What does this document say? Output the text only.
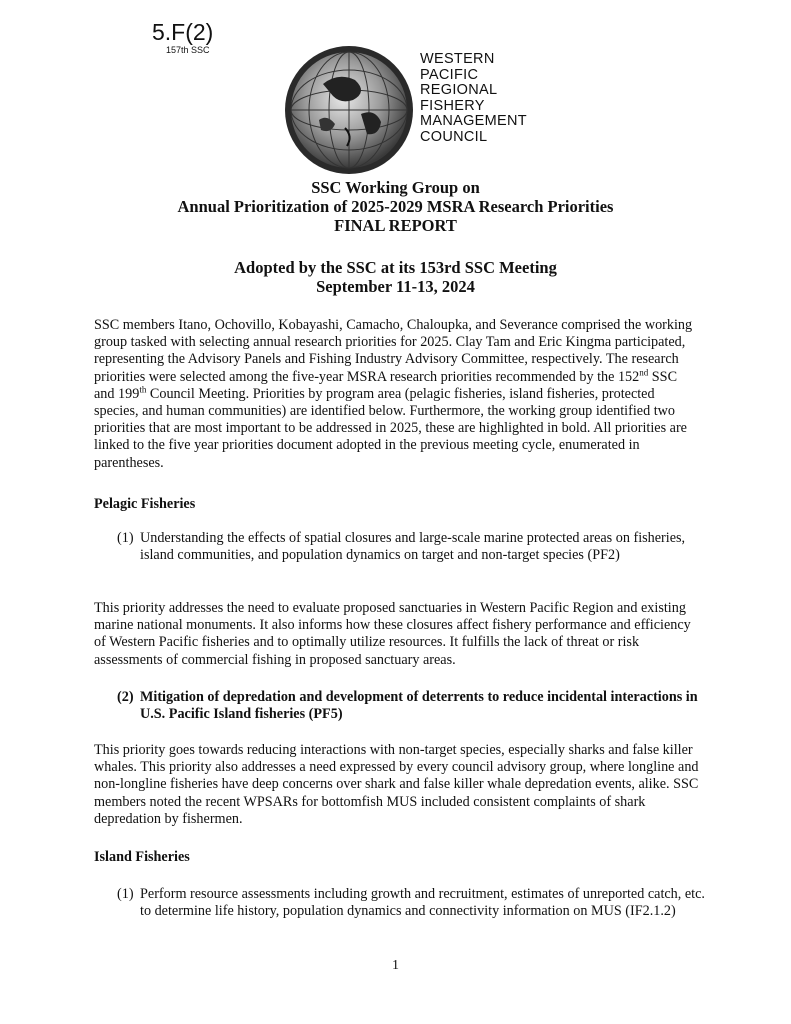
5.F(2)
157th SSC
WESTERN
PACIFIC
REGIONAL
FISHERY
MANAGEMENT
COUNCIL
SSC Working Group on
Annual Prioritization of 2025-2029 MSRA Research Priorities
FINAL REPORT
Adopted by the SSC at its 153rd SSC Meeting
September 11-13, 2024

SSC members Itano, Ochovillo, Kobayashi, Camacho, Chaloupka, and Severance comprised the working group tasked with selecting annual research priorities for 2025. Clay Tam and Eric Kingma participated, representing the Advisory Panels and Fishing Industry Advisory Committee, respectively. The research priorities were selected among the five-year MSRA research priorities recommended by the 152nd SSC and 199th Council Meeting. Priorities by program area (pelagic fisheries, island fisheries, protected species, and human communities) are identified below. Furthermore, the working group identified two priorities that are most important to be addressed in 2025, these are highlighted in bold. All priorities are linked to the five year priorities document adopted in the previous meeting cycle, enumerated in parentheses.

Pelagic Fisheries

(1) Understanding the effects of spatial closures and large-scale marine protected areas on fisheries, island communities, and population dynamics on target and non-target species (PF2)

This priority addresses the need to evaluate proposed sanctuaries in Western Pacific Region and existing marine national monuments. It also informs how these closures affect fishery performance and efficiency of Western Pacific fisheries and to optimally utilize resources. It fulfills the lack of threat or risk assessments of commercial fishing in proposed sanctuary areas.

(2) Mitigation of depredation and development of deterrents to reduce incidental interactions in U.S. Pacific Island fisheries (PF5)

This priority goes towards reducing interactions with non-target species, especially sharks and false killer whales. This priority also addresses a need expressed by every council advisory group, where longline and non-longline fisheries have deep concerns over shark and false killer whale depredation events, alike. SSC members noted the recent WPSARs for bottomfish MUS included consistent complaints of shark depredation by fishermen.

Island Fisheries

(1) Perform resource assessments including growth and recruitment, estimates of unreported catch, etc. to determine life history, population dynamics and connectivity information on MUS (IF2.1.2)
1
